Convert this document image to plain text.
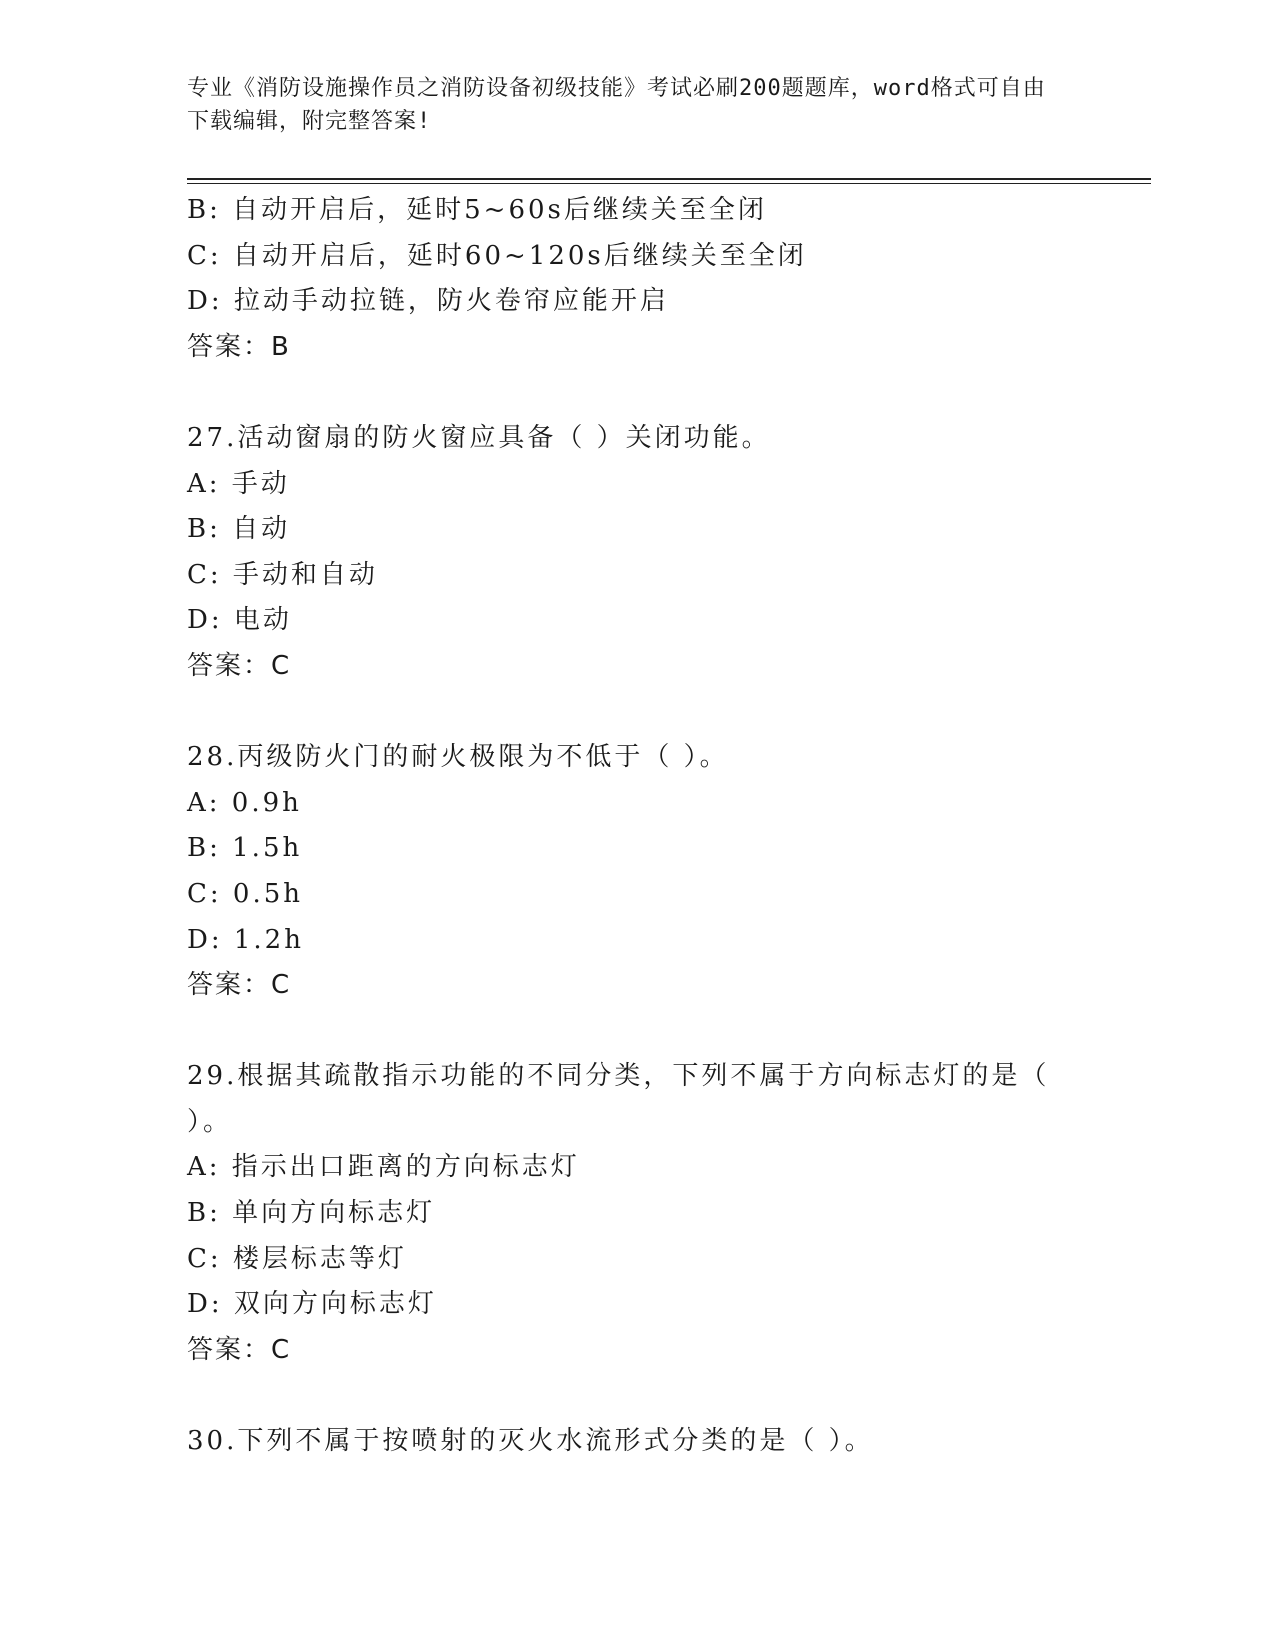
专业《消防设施操作员之消防设备初级技能》考试必刷200题题库，word格式可自由下载编辑，附完整答案!
B: 自动开启后，延时5~60s后继续关至全闭
C: 自动开启后，延时60~120s后继续关至全闭
D: 拉动手动拉链，防火卷帘应能开启
答案：B
27.活动窗扇的防火窗应具备（ ）关闭功能。
A: 手动
B: 自动
C: 手动和自动
D: 电动
答案：C
28.丙级防火门的耐火极限为不低于（ ）。
A: 0.9h
B: 1.5h
C: 0.5h
D: 1.2h
答案：C
29.根据其疏散指示功能的不同分类，下列不属于方向标志灯的是（ ）。
A: 指示出口距离的方向标志灯
B: 单向方向标志灯
C: 楼层标志等灯
D: 双向方向标志灯
答案：C
30.下列不属于按喷射的灭火水流形式分类的是（ ）。
